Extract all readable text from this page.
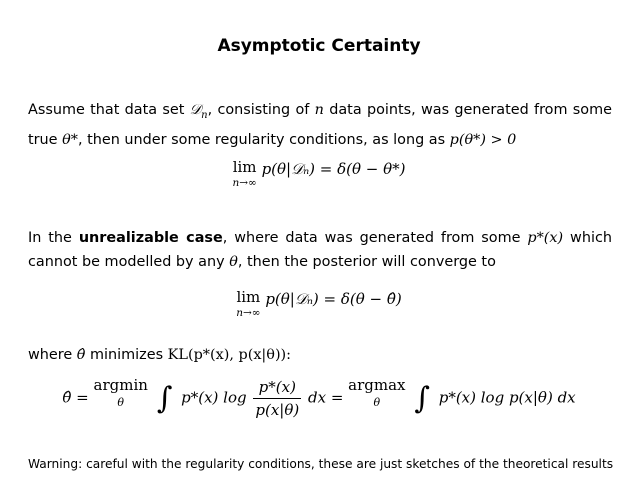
Asymptotic Certainty
Assume that data set 𝒟$_n$, consisting of n data points, was generated from some true θ*, then under some regularity conditions, as long as p(θ*) > 0
lim
n→∞
p(θ|𝒟ₙ) = δ(θ − θ*)
In the unrealizable case, where data was generated from some p*(x) which cannot be modelled by any θ, then the posterior will converge to
lim
n→∞
p(θ|𝒟ₙ) = δ(θ − θ̂)
where θ̂ minimizes KL(p*(x), p(x|θ)):
θ̂ =
argmin
θ	∫ p*(x) $\log \frac{p*(x)}{p(x|\theta)}$ dx =
argmax
θ	∫ p*(x) log p(x|θ) dx
Warning: careful with the regularity conditions, these are just sketches of the theoretical results
